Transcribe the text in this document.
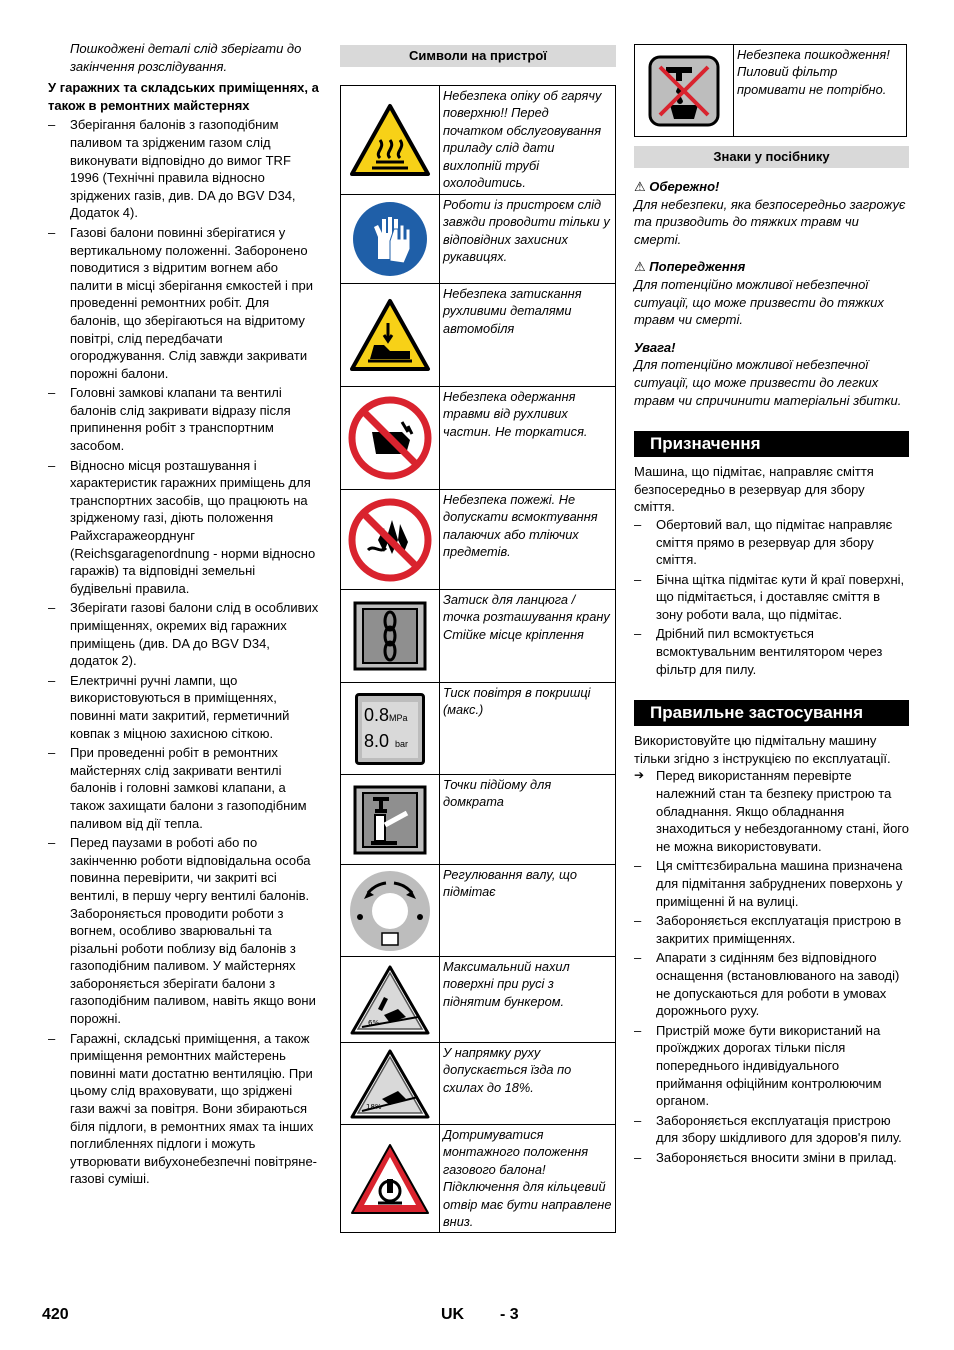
Пошкоджені деталі слід зберігати до закінчення розслідування.

У гаражних та складських приміщеннях, а також в ремонтних майстернях

– Зберігання балонів з газоподібним паливом та зрідженим газом слід виконувати відповідно до вимог TRF 1996 (Технічні правила відносно зріджених газів, див. DA до BGV D34, Додаток 4).
– Газові балони повинні зберігатися у вертикальному положенні. Заборонено поводитися з відритим вогнем або палити в місці зберігання ємкостей і при проведенні ремонтних робіт. Для балонів, що зберігаються на відритому повітрі, слід передбачати огороджування. Слід завжди закривати порожні балони.
– Головні замкові клапани та вентилі балонів слід закривати відразу після припинення робіт з транспортним засобом.
– Відносно місця розташування і характеристик гаражних приміщень для транспортних засобів, що працюють на зрідженому газі, діють положення Райхсгаражеорднунг (Reichsgaragenordnung - норми відносно гаражів) та відповідні земельні будівельні правила.
– Зберігати газові балони слід в особливих приміщеннях, окремих від гаражних приміщень (див. DA до BGV D34, додаток 2).
– Електричні ручні лампи, що використовуються в приміщеннях, повинні мати закритий, герметичний ковпак з міцною захисною сіткою.
– При проведенні робіт в ремонтних майстернях слід закривати вентилі балонів і головні замкові клапани, а також захищати балони з газоподібним паливом від дії тепла.
– Перед паузами в роботі або по закінченню роботи відповідальна особа повинна перевірити, чи закриті всі вентилі, в першу чергу вентилі балонів. Забороняється проводити роботи з вогнем, особливо зварювальні та різальні роботи поблизу від балонів з газоподібним паливом. У майстернях забороняється зберігати балони з газоподібним паливом, навіть якщо вони порожні.
– Гаражні, складські приміщення, а також приміщення ремонтних майстерень повинні мати достатню вентиляцію. При цьому слід враховувати, що зріджені гази важчі за повітря. Вони збираються біля підлоги, в ремонтних ямах та інших поглибленнях підлоги і можуть утворювати вибухонебезпечні повітряне-газові суміші.
Символи на пристрої
	Небезпека опіку об гарячу поверхню!! Перед початком обслуговування приладу слід дати вихлопній трубі охолодитись.

	Роботи із пристроєм слід завжди проводити тільки у відповідних захисних рукавицях.

	Небезпека затискання рухливими деталями автомобіля

	Небезпека одержання травми від рухливих частин. Не торкатися.

	Небезпека пожежі. Не допускати всмоктування палаючих або тліючих предметів.

	Затиск для ланцюга / точка розташування крану Стійке місце кріплення

0.8MPa
8.0 bar	Тиск повітря в покришці (макс.)

	Точки підйому для домкрата

	Регулювання валу, що підмітає

6%	Максимальний нахил поверхні при русі з піднятим бункером.

18%	У напрямку руху допускається їзда по схилах до 18%.

	Дотримуватися монтажного положення газового балона! Підключення для кільцевий отвір має бути направлене вниз.
	Небезпека пошкодження! Пиловий фільтр промивати не потрібно.
Знаки у посібнику

⚠ Обережно!

Для небезпеки, яка безпосередньо загрожує та призводить до тяжких травм чи смерті.

⚠ Попередження

Для потенційно можливої небезпечної ситуації, що може призвести до тяжких травм чи смерті.

Увага!

Для потенційно можливої небезпечної ситуації, що може призвести до легких травм чи спричинити матеріальні збитки.

Призначення

Машина, що підмітає, направляє сміття безпосередньо в резервуар для збору сміття.

– Обертовий вал, що підмітає направляє сміття прямо в резервуар для збору сміття.
– Бічна щітка підмітає кути й краї поверхні, що підмітається, і доставляє сміття в зону роботи вала, що підмітає.
– Дрібний пил всмоктується всмоктувальним вентилятором через фільтр для пилу.
Правильне застосування

Використовуйте цю підмітальну машину тільки згідно з інструкцією по експлуатації.

➔ Перед використанням перевірте належний стан та безпеку пристрою та обладнання. Якщо обладнання знаходиться у небездоганному стані, його не можна використовувати.
– Ця сміттєзбиральна машина призначена для підмітання забруднених поверхонь у приміщенні й на вулиці.
– Забороняється експлуатація пристрою в закритих приміщеннях.
– Апарати з сидінням без відповідного оснащення (встановлюваного на заводі) не допускаються для роботи в умовах дорожнього руху.
– Пристрій може бути використаний на проїжджих дорогах тільки після попереднього індивідуального приймання офіційним контролюючим органом.
– Забороняється експлуатація пристрою для збору шкідливого для здоров'я пилу.
– Забороняється вносити зміни в прилад.
420	UK - 3
